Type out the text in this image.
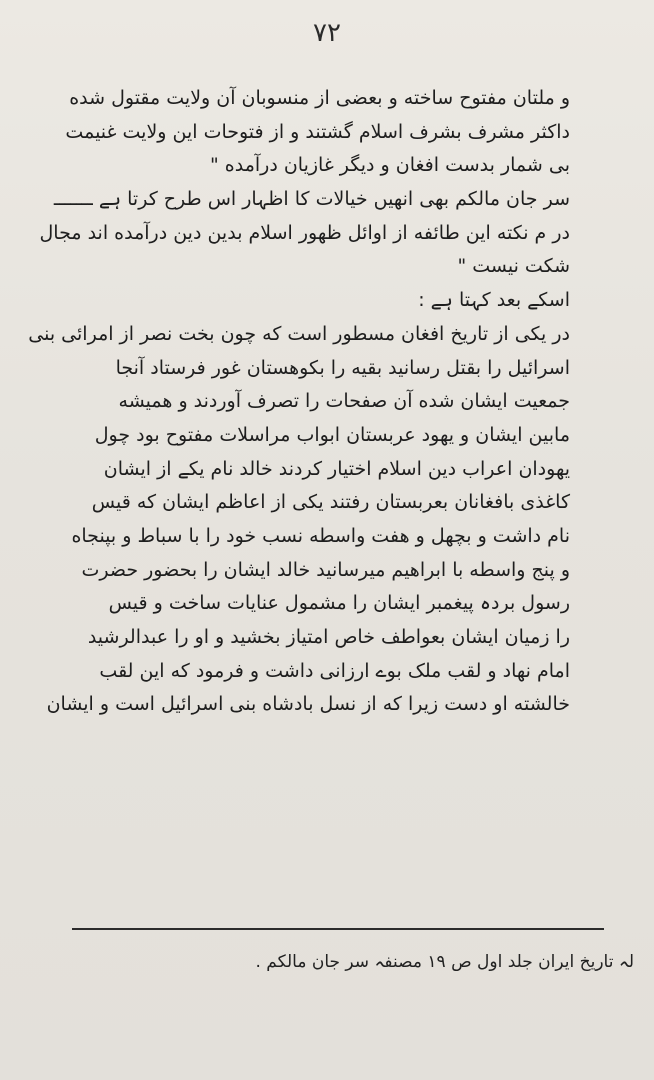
۷۲
و ملتان مفتوح ساخته و بعضی از منسوبان آن ولایت مقتول شده
داکثر مشرف بشرف اسلام گشتند و از فتوحات این ولایت غنیمت
بی شمار بدست افغان و دیگر غازیان درآمده "
سر جان مالکم بھی انھیں خیالات کا اظہار اس طرح کرتا ہے ـــــــ
در م نکته این طائفه از اوائل ظهور اسلام بدین دین درآمده اند مجال
شکت نیست "
اسکے بعد کہتا ہے :
در یکی از تاریخ افغان مسطور است که چون بخت نصر از امرائی بنی
اسرائیل را بقتل رسانید بقیه را بکوهستان غور فرستاد آنجا
جمعیت ایشان شده آن صفحات را تصرف آوردند و همیشه
مابین ایشان و یهود عربستان ابواب مراسلات مفتوح بود چول
یهودان اعراب دین اسلام اختیار کردند خالد نام یکے از ایشان
کاغذی بافغانان بعربستان رفتند یکی از اعاظم ایشان که قیس
نام داشت و بچهل و هفت واسطه نسب خود را با سباط و بپنجاه
و پنج واسطه با ابراهیم میرسانید خالد ایشان را بحضور حضرت
رسول بردہ پیغمبر ایشان را مشمول عنایات ساخت و قیس
را زمیان ایشان بعواطف خاص امتیاز بخشید و او را عبدالرشید
امام نهاد و لقب ملک بوے ارزانی داشت و فرمود که این لقب
خالشته او دست زیرا که از نسل بادشاه بنی اسرائیل است و ایشان
لہ تاریخ ایران جلد اول ص ۱۹ مصنفہ سر جان مالکم .
